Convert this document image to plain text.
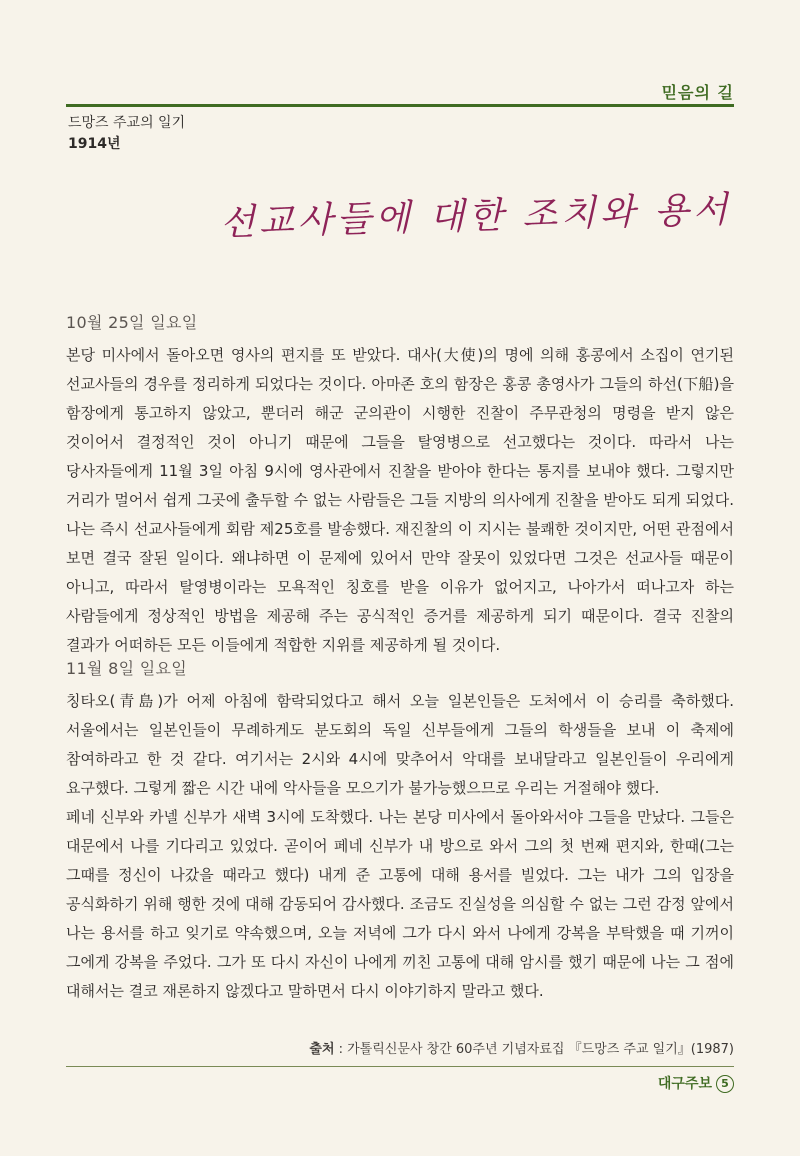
믿음의 길
드망즈 주교의 일기
1914년
선교사들에 대한 조치와 용서
10월 25일 일요일

본당 미사에서 돌아오면 영사의 편지를 또 받았다. 대사(大使)의 명에 의해 홍콩에서 소집이 연기된 선교사들의 경우를 정리하게 되었다는 것이다. 아마존 호의 함장은 홍콩 총영사가 그들의 하선(下船)을 함장에게 통고하지 않았고, 뿐더러 해군 군의관이 시행한 진찰이 주무관청의 명령을 받지 않은 것이어서 결정적인 것이 아니기 때문에 그들을 탈영병으로 선고했다는 것이다. 따라서 나는 당사자들에게 11월 3일 아침 9시에 영사관에서 진찰을 받아야 한다는 통지를 보내야 했다. 그렇지만 거리가 멀어서 쉽게 그곳에 출두할 수 없는 사람들은 그들 지방의 의사에게 진찰을 받아도 되게 되었다. 나는 즉시 선교사들에게 회람 제25호를 발송했다. 재진찰의 이 지시는 불쾌한 것이지만, 어떤 관점에서 보면 결국 잘된 일이다. 왜냐하면 이 문제에 있어서 만약 잘못이 있었다면 그것은 선교사들 때문이 아니고, 따라서 탈영병이라는 모욕적인 칭호를 받을 이유가 없어지고, 나아가서 떠나고자 하는 사람들에게 정상적인 방법을 제공해 주는 공식적인 증거를 제공하게 되기 때문이다. 결국 진찰의 결과가 어떠하든 모든 이들에게 적합한 지위를 제공하게 될 것이다.

11월 8일 일요일

칭타오(青島)가 어제 아침에 함락되었다고 해서 오늘 일본인들은 도처에서 이 승리를 축하했다. 서울에서는 일본인들이 무례하게도 분도회의 독일 신부들에게 그들의 학생들을 보내 이 축제에 참여하라고 한 것 같다. 여기서는 2시와 4시에 맞추어서 악대를 보내달라고 일본인들이 우리에게 요구했다. 그렇게 짧은 시간 내에 악사들을 모으기가 불가능했으므로 우리는 거절해야 했다.

페네 신부와 카넬 신부가 새벽 3시에 도착했다. 나는 본당 미사에서 돌아와서야 그들을 만났다. 그들은 대문에서 나를 기다리고 있었다. 곧이어 페네 신부가 내 방으로 와서 그의 첫 번째 편지와, 한때(그는 그때를 정신이 나갔을 때라고 했다) 내게 준 고통에 대해 용서를 빌었다. 그는 내가 그의 입장을 공식화하기 위해 행한 것에 대해 감동되어 감사했다. 조금도 진실성을 의심할 수 없는 그런 감정 앞에서 나는 용서를 하고 잊기로 약속했으며, 오늘 저녁에 그가 다시 와서 나에게 강복을 부탁했을 때 기꺼이 그에게 강복을 주었다. 그가 또 다시 자신이 나에게 끼친 고통에 대해 암시를 했기 때문에 나는 그 점에 대해서는 결코 재론하지 않겠다고 말하면서 다시 이야기하지 말라고 했다.

출처 : 가톨릭신문사 창간 60주년 기념자료집 『드망즈 주교 일기』(1987)
대구주보 5
